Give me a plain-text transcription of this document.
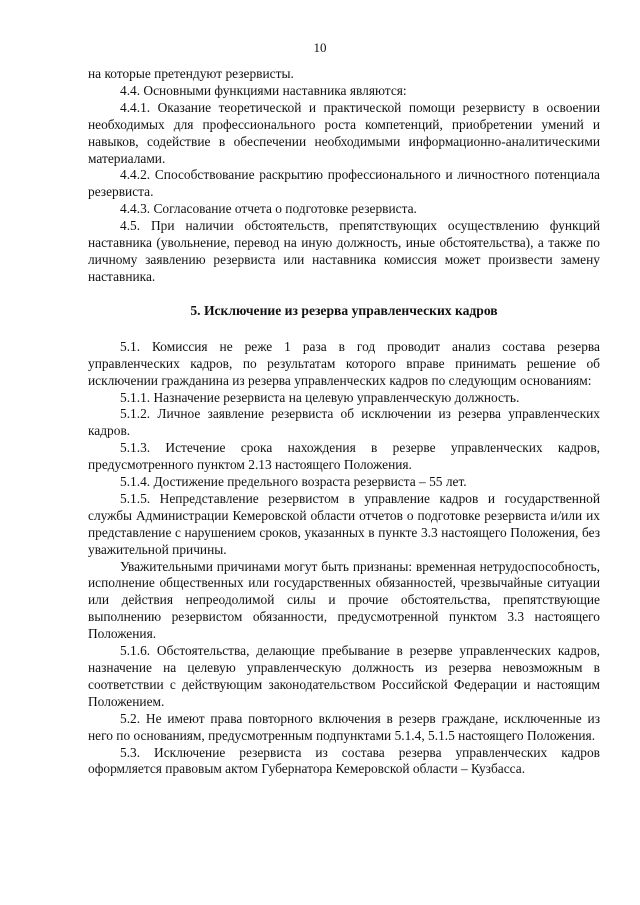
10

на которые претендуют резервисты.

4.4. Основными функциями наставника являются:

4.4.1. Оказание теоретической и практической помощи резервисту в освоении необходимых для профессионального роста компетенций, приобретении умений и навыков, содействие в обеспечении необходимыми информационно-аналитическими материалами.

4.4.2. Способствование раскрытию профессионального и личностного потенциала резервиста.

4.4.3. Согласование отчета о подготовке резервиста.

4.5. При наличии обстоятельств, препятствующих осуществлению функций наставника (увольнение, перевод на иную должность, иные обстоятельства), а также по личному заявлению резервиста или наставника комиссия может произвести замену наставника.

5. Исключение из резерва управленческих кадров

5.1. Комиссия не реже 1 раза в год проводит анализ состава резерва управленческих кадров, по результатам которого вправе принимать решение об исключении гражданина из резерва управленческих кадров по следующим основаниям:

5.1.1. Назначение резервиста на целевую управленческую должность.

5.1.2. Личное заявление резервиста об исключении из резерва управленческих кадров.

5.1.3. Истечение срока нахождения в резерве управленческих кадров, предусмотренного пунктом 2.13 настоящего Положения.

5.1.4. Достижение предельного возраста резервиста – 55 лет.

5.1.5. Непредставление резервистом в управление кадров и государственной службы Администрации Кемеровской области отчетов о подготовке резервиста и/или их представление с нарушением сроков, указанных в пункте 3.3 настоящего Положения, без уважительной причины.

Уважительными причинами могут быть признаны: временная нетрудоспособность, исполнение общественных или государственных обязанностей, чрезвычайные ситуации или действия непреодолимой силы и прочие обстоятельства, препятствующие выполнению резервистом обязанности, предусмотренной пунктом 3.3 настоящего Положения.

5.1.6. Обстоятельства, делающие пребывание в резерве управленческих кадров, назначение на целевую управленческую должность из резерва невозможным в соответствии с действующим законодательством Российской Федерации и настоящим Положением.

5.2. Не имеют права повторного включения в резерв граждане, исключенные из него по основаниям, предусмотренным подпунктами 5.1.4, 5.1.5 настоящего Положения.

5.3. Исключение резервиста из состава резерва управленческих кадров оформляется правовым актом Губернатора Кемеровской области – Кузбасса.
